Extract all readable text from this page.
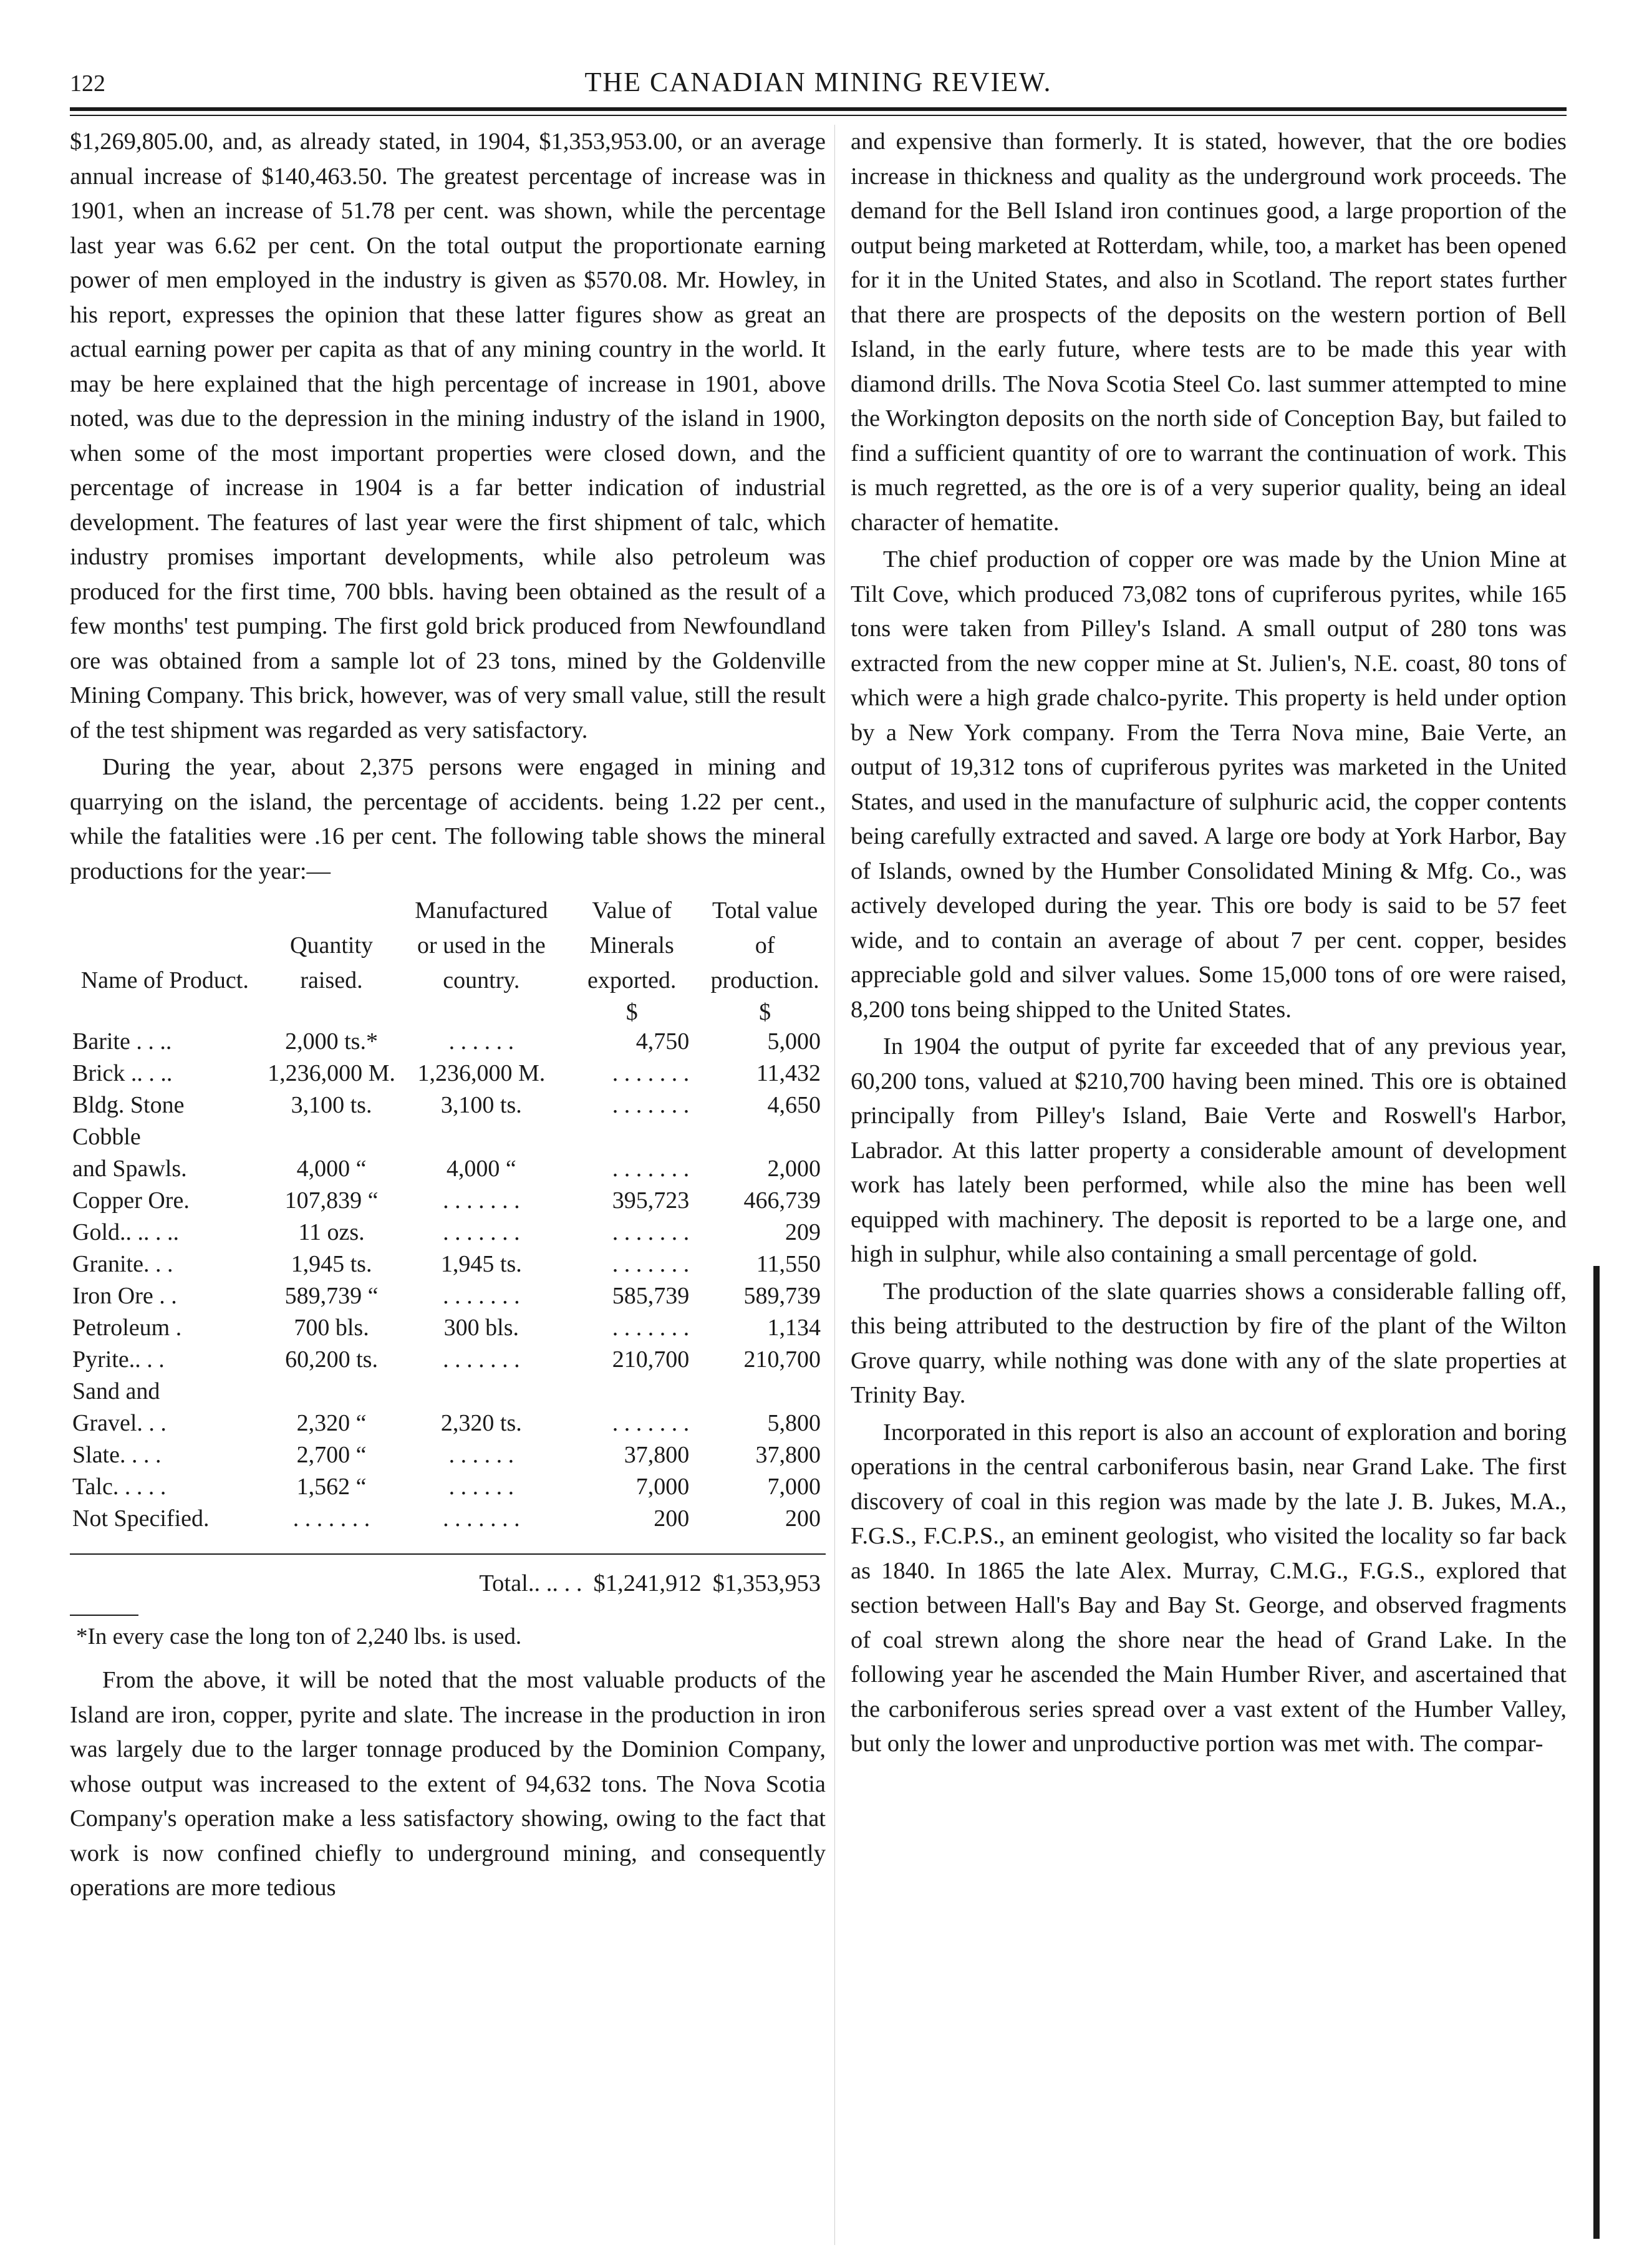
122	THE CANADIAN MINING REVIEW.

$1,269,805.00, and, as already stated, in 1904, $1,353,953.00, or an average annual increase of $140,463.50. The greatest percentage of increase was in 1901, when an increase of 51.78 per cent. was shown, while the percentage last year was 6.62 per cent. On the total output the proportionate earning power of men employed in the industry is given as $570.08. Mr. Howley, in his report, expresses the opinion that these latter figures show as great an actual earning power per capita as that of any mining country in the world. It may be here explained that the high percentage of increase in 1901, above noted, was due to the depression in the mining industry of the island in 1900, when some of the most important properties were closed down, and the percentage of increase in 1904 is a far better indication of industrial development. The features of last year were the first shipment of talc, which industry promises important developments, while also petroleum was produced for the first time, 700 bbls. having been obtained as the result of a few months' test pumping. The first gold brick produced from Newfoundland ore was obtained from a sample lot of 23 tons, mined by the Goldenville Mining Company. This brick, however, was of very small value, still the result of the test shipment was regarded as very satisfactory.

During the year, about 2,375 persons were engaged in mining and quarrying on the island, the percentage of accidents. being 1.22 per cent., while the fatalities were .16 per cent. The following table shows the mineral productions for the year:—

Name of Product.	Quantity raised.	Manufactured or used in the country.	Value of Minerals exported.	Total value of production.
			$	$
Barite . . ..	2,000 ts.*	. . . . . .	4,750	5,000
Brick .. . ..	1,236,000 M.	1,236,000 M.	. . . . . . .	11,432
Bldg. Stone	3,100 ts.	3,100 ts.	. . . . . . .	4,650
Cobble				
and Spawls.	4,000 “	4,000 “	. . . . . . .	2,000
Copper Ore.	107,839 “	. . . . . . .	395,723	466,739
Gold.. .. . ..	11 ozs.	. . . . . . .	. . . . . . .	209
Granite. . .	1,945 ts.	1,945 ts.	. . . . . . .	11,550
Iron Ore . .	589,739 “	. . . . . . .	585,739	589,739
Petroleum .	700 bls.	300 bls.	. . . . . . .	1,134
Pyrite.. . .	60,200 ts.	. . . . . . .	210,700	210,700
Sand and				
Gravel. . .	2,320 “	2,320 ts.	. . . . . . .	5,800
Slate. . . .	2,700 “	. . . . . .	37,800	37,800
Talc. . . . .	1,562 “	. . . . . .	7,000	7,000
Not Specified.	. . . . . . .	. . . . . . .	200	200
Total.. .. . . $1,241,912 $1,353,953
*In every case the long ton of 2,240 lbs. is used.

From the above, it will be noted that the most valuable products of the Island are iron, copper, pyrite and slate. The increase in the production in iron was largely due to the larger tonnage produced by the Dominion Company, whose output was increased to the extent of 94,632 tons. The Nova Scotia Company's operation make a less satisfactory showing, owing to the fact that work is now confined chiefly to underground mining, and consequently operations are more tedious

and expensive than formerly. It is stated, however, that the ore bodies increase in thickness and quality as the underground work proceeds. The demand for the Bell Island iron continues good, a large proportion of the output being marketed at Rotterdam, while, too, a market has been opened for it in the United States, and also in Scotland. The report states further that there are prospects of the deposits on the western portion of Bell Island, in the early future, where tests are to be made this year with diamond drills. The Nova Scotia Steel Co. last summer attempted to mine the Workington deposits on the north side of Conception Bay, but failed to find a sufficient quantity of ore to warrant the continuation of work. This is much regretted, as the ore is of a very superior quality, being an ideal character of hematite.

The chief production of copper ore was made by the Union Mine at Tilt Cove, which produced 73,082 tons of cupriferous pyrites, while 165 tons were taken from Pilley's Island. A small output of 280 tons was extracted from the new copper mine at St. Julien's, N.E. coast, 80 tons of which were a high grade chalco-pyrite. This property is held under option by a New York company. From the Terra Nova mine, Baie Verte, an output of 19,312 tons of cupriferous pyrites was marketed in the United States, and used in the manufacture of sulphuric acid, the copper contents being carefully extracted and saved. A large ore body at York Harbor, Bay of Islands, owned by the Humber Consolidated Mining & Mfg. Co., was actively developed during the year. This ore body is said to be 57 feet wide, and to contain an average of about 7 per cent. copper, besides appreciable gold and silver values. Some 15,000 tons of ore were raised, 8,200 tons being shipped to the United States.

In 1904 the output of pyrite far exceeded that of any previous year, 60,200 tons, valued at $210,700 having been mined. This ore is obtained principally from Pilley's Island, Baie Verte and Roswell's Harbor, Labrador. At this latter property a considerable amount of development work has lately been performed, while also the mine has been well equipped with machinery. The deposit is reported to be a large one, and high in sulphur, while also containing a small percentage of gold.

The production of the slate quarries shows a considerable falling off, this being attributed to the destruction by fire of the plant of the Wilton Grove quarry, while nothing was done with any of the slate properties at Trinity Bay.

Incorporated in this report is also an account of exploration and boring operations in the central carboniferous basin, near Grand Lake. The first discovery of coal in this region was made by the late J. B. Jukes, M.A., F.G.S., F.C.P.S., an eminent geologist, who visited the locality so far back as 1840. In 1865 the late Alex. Murray, C.M.G., F.G.S., explored that section between Hall's Bay and Bay St. George, and observed fragments of coal strewn along the shore near the head of Grand Lake. In the following year he ascended the Main Humber River, and ascertained that the carboniferous series spread over a vast extent of the Humber Valley, but only the lower and unproductive portion was met with. The compar-
